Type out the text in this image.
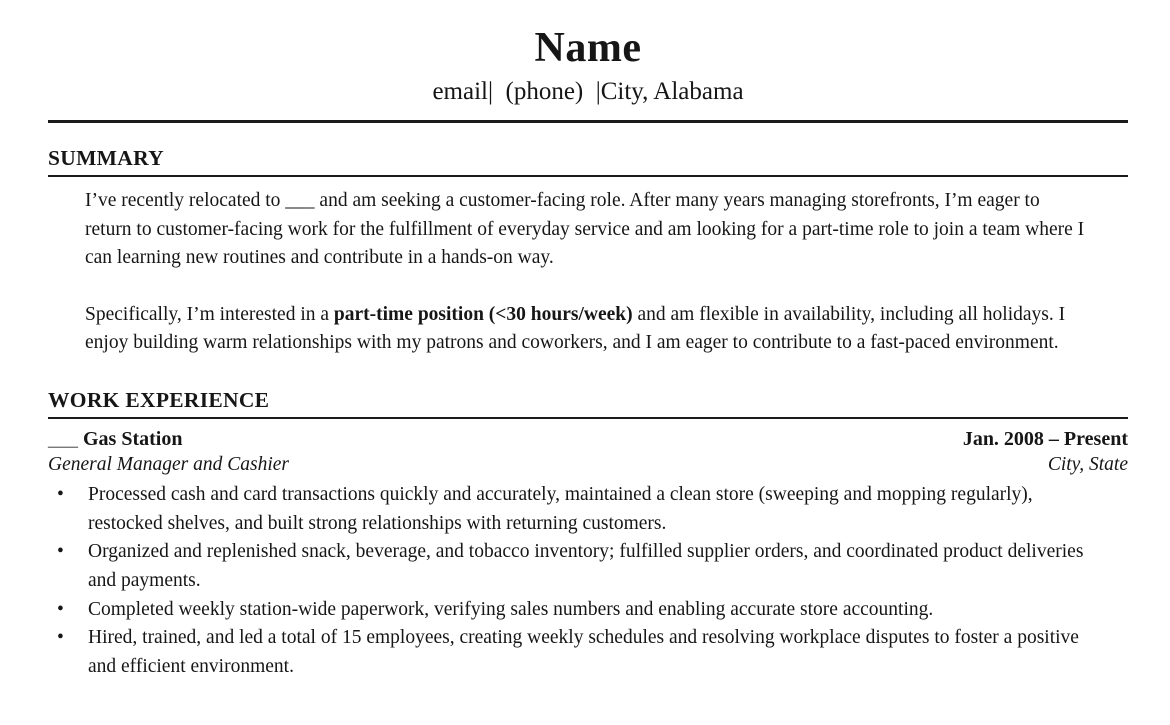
Name
email|  (phone)  |City, Alabama
SUMMARY

I’ve recently relocated to ___ and am seeking a customer-facing role. After many years managing storefronts, I’m eager to return to customer-facing work for the fulfillment of everyday service and am looking for a part-time role to join a team where I can learning new routines and contribute in a hands-on way.

Specifically, I’m interested in a part-time position (<30 hours/week) and am flexible in availability, including all holidays. I enjoy building warm relationships with my patrons and coworkers, and I am eager to contribute to a fast-paced environment.

WORK EXPERIENCE
___ Gas Station	Jan. 2008 – Present
General Manager and Cashier	City, State
• Processed cash and card transactions quickly and accurately, maintained a clean store (sweeping and mopping regularly), restocked shelves, and built strong relationships with returning customers.
• Organized and replenished snack, beverage, and tobacco inventory; fulfilled supplier orders, and coordinated product deliveries and payments.
• Completed weekly station-wide paperwork, verifying sales numbers and enabling accurate store accounting.
• Hired, trained, and led a total of 15 employees, creating weekly schedules and resolving workplace disputes to foster a positive and efficient environment.
